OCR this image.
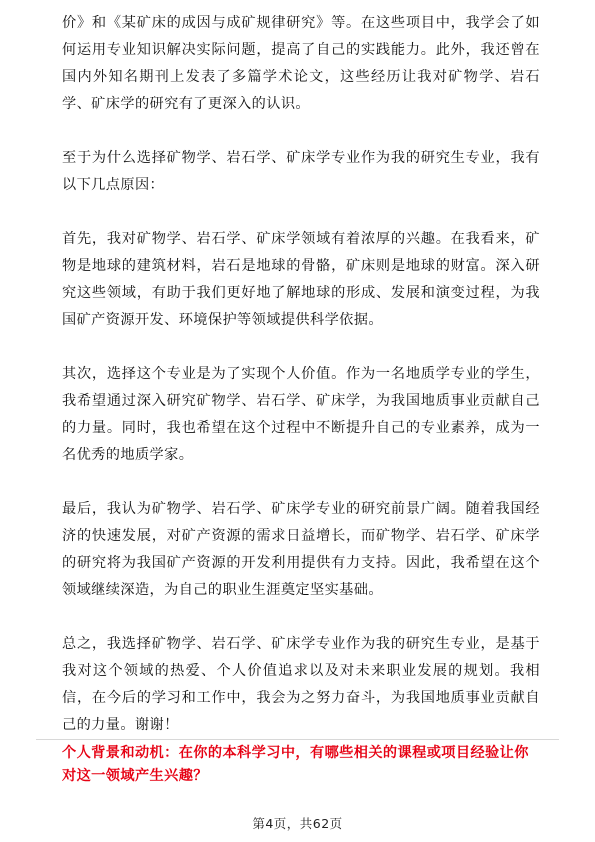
价》和《某矿床的成因与成矿规律研究》等。在这些项目中，我学会了如何运用专业知识解决实际问题，提高了自己的实践能力。此外，我还曾在国内外知名期刊上发表了多篇学术论文，这些经历让我对矿物学、岩石学、矿床学的研究有了更深入的认识。

至于为什么选择矿物学、岩石学、矿床学专业作为我的研究生专业，我有以下几点原因：

首先，我对矿物学、岩石学、矿床学领域有着浓厚的兴趣。在我看来，矿物是地球的建筑材料，岩石是地球的骨骼，矿床则是地球的财富。深入研究这些领域，有助于我们更好地了解地球的形成、发展和演变过程，为我国矿产资源开发、环境保护等领域提供科学依据。

其次，选择这个专业是为了实现个人价值。作为一名地质学专业的学生，我希望通过深入研究矿物学、岩石学、矿床学，为我国地质事业贡献自己的力量。同时，我也希望在这个过程中不断提升自己的专业素养，成为一名优秀的地质学家。

最后，我认为矿物学、岩石学、矿床学专业的研究前景广阔。随着我国经济的快速发展，对矿产资源的需求日益增长，而矿物学、岩石学、矿床学的研究将为我国矿产资源的开发利用提供有力支持。因此，我希望在这个领域继续深造，为自己的职业生涯奠定坚实基础。

总之，我选择矿物学、岩石学、矿床学专业作为我的研究生专业，是基于我对这个领域的热爱、个人价值追求以及对未来职业发展的规划。我相信，在今后的学习和工作中，我会为之努力奋斗，为我国地质事业贡献自己的力量。谢谢！

个人背景和动机：在你的本科学习中，有哪些相关的课程或项目经验让你对这一领域产生兴趣？

第4页，共62页
